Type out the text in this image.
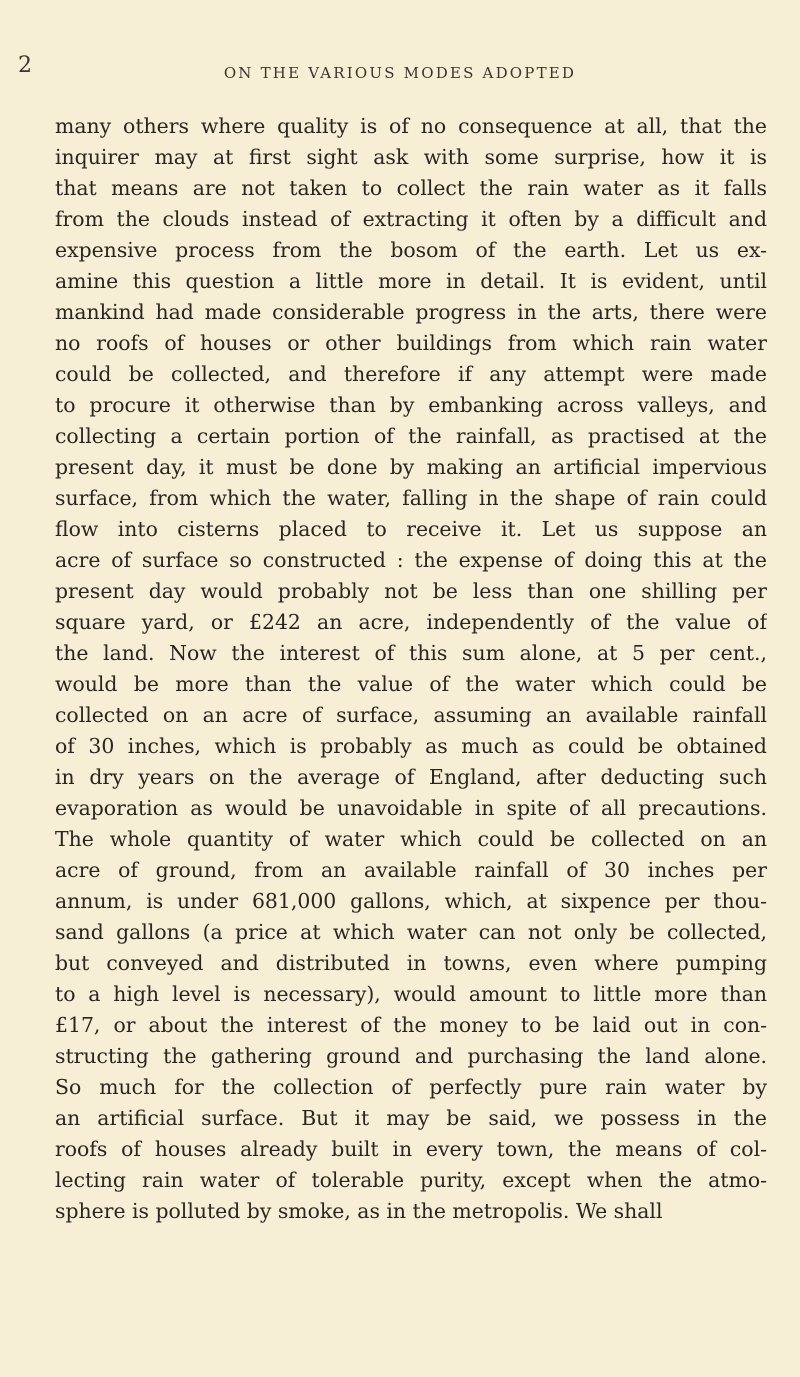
2	ON THE VARIOUS MODES ADOPTED
many others where quality is of no consequence at all, that the
inquirer may at first sight ask with some surprise, how it is
that means are not taken to collect the rain water as it falls
from the clouds instead of extracting it often by a difficult and
expensive process from the bosom of the earth. Let us ex-
amine this question a little more in detail. It is evident, until
mankind had made considerable progress in the arts, there were
no roofs of houses or other buildings from which rain water
could be collected, and therefore if any attempt were made
to procure it otherwise than by embanking across valleys, and
collecting a certain portion of the rainfall, as practised at the
present day, it must be done by making an artificial impervious
surface, from which the water, falling in the shape of rain could
flow into cisterns placed to receive it. Let us suppose an
acre of surface so constructed : the expense of doing this at the
present day would probably not be less than one shilling per
square yard, or £242 an acre, independently of the value of
the land. Now the interest of this sum alone, at 5 per cent.,
would be more than the value of the water which could be
collected on an acre of surface, assuming an available rainfall
of 30 inches, which is probably as much as could be obtained
in dry years on the average of England, after deducting such
evaporation as would be unavoidable in spite of all precautions.
The whole quantity of water which could be collected on an
acre of ground, from an available rainfall of 30 inches per
annum, is under 681,000 gallons, which, at sixpence per thou-
sand gallons (a price at which water can not only be collected,
but conveyed and distributed in towns, even where pumping
to a high level is necessary), would amount to little more than
£17, or about the interest of the money to be laid out in con-
structing the gathering ground and purchasing the land alone.
So much for the collection of perfectly pure rain water by
an artificial surface. But it may be said, we possess in the
roofs of houses already built in every town, the means of col-
lecting rain water of tolerable purity, except when the atmo-
sphere is polluted by smoke, as in the metropolis. We shall
